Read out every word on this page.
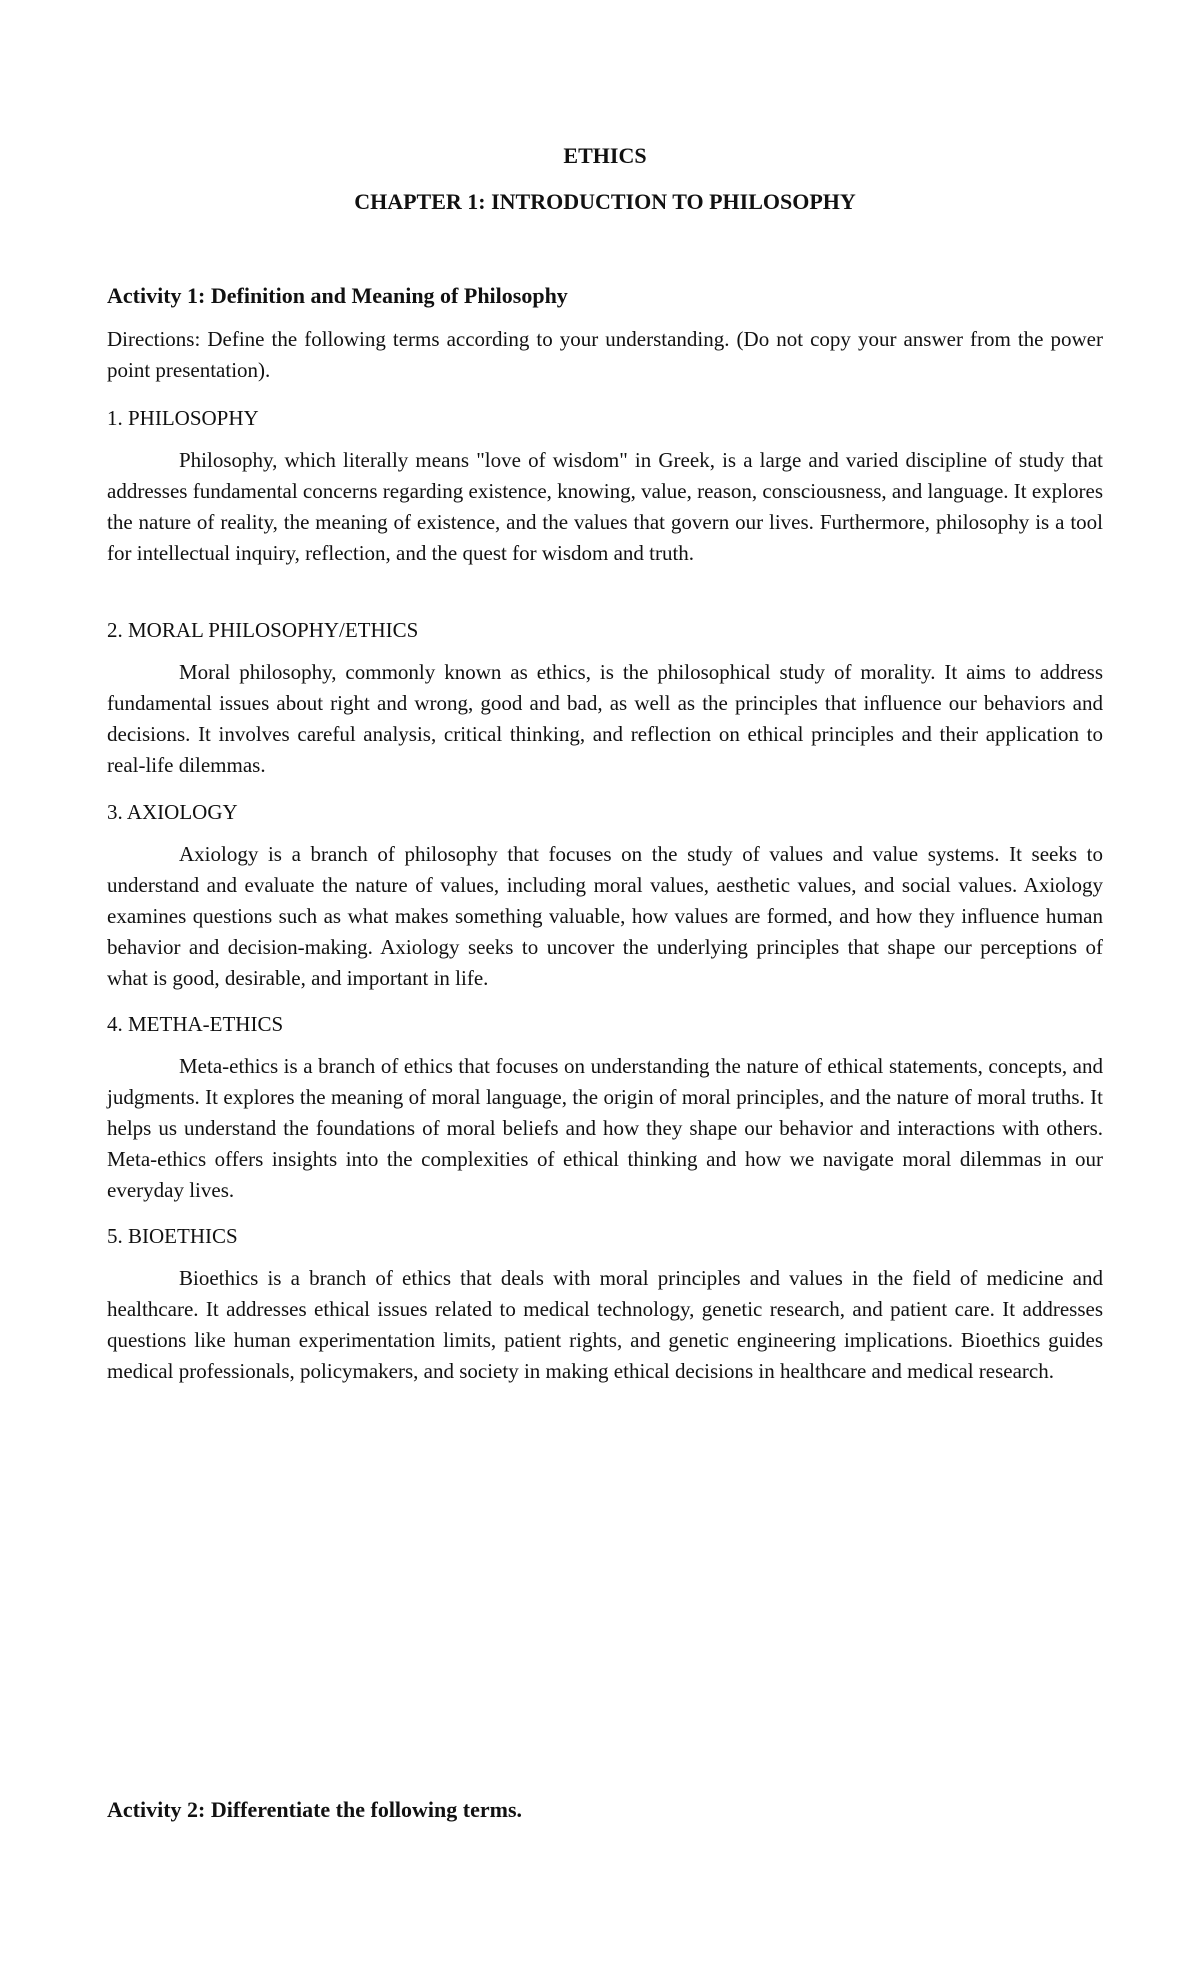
ETHICS
CHAPTER 1: INTRODUCTION TO PHILOSOPHY
Activity 1: Definition and Meaning of Philosophy
Directions: Define the following terms according to your understanding. (Do not copy your answer from the power point presentation).
1. PHILOSOPHY
Philosophy, which literally means "love of wisdom" in Greek, is a large and varied discipline of study that addresses fundamental concerns regarding existence, knowing, value, reason, consciousness, and language. It explores the nature of reality, the meaning of existence, and the values that govern our lives. Furthermore, philosophy is a tool for intellectual inquiry, reflection, and the quest for wisdom and truth.
2. MORAL PHILOSOPHY/ETHICS
Moral philosophy, commonly known as ethics, is the philosophical study of morality. It aims to address fundamental issues about right and wrong, good and bad, as well as the principles that influence our behaviors and decisions. It involves careful analysis, critical thinking, and reflection on ethical principles and their application to real-life dilemmas.
3. AXIOLOGY
Axiology is a branch of philosophy that focuses on the study of values and value systems. It seeks to understand and evaluate the nature of values, including moral values, aesthetic values, and social values. Axiology examines questions such as what makes something valuable, how values are formed, and how they influence human behavior and decision-making. Axiology seeks to uncover the underlying principles that shape our perceptions of what is good, desirable, and important in life.
4. METHA-ETHICS
Meta-ethics is a branch of ethics that focuses on understanding the nature of ethical statements, concepts, and judgments. It explores the meaning of moral language, the origin of moral principles, and the nature of moral truths. It helps us understand the foundations of moral beliefs and how they shape our behavior and interactions with others. Meta-ethics offers insights into the complexities of ethical thinking and how we navigate moral dilemmas in our everyday lives.
5. BIOETHICS
Bioethics is a branch of ethics that deals with moral principles and values in the field of medicine and healthcare. It addresses ethical issues related to medical technology, genetic research, and patient care. It addresses questions like human experimentation limits, patient rights, and genetic engineering implications. Bioethics guides medical professionals, policymakers, and society in making ethical decisions in healthcare and medical research.
Activity 2: Differentiate the following terms.
